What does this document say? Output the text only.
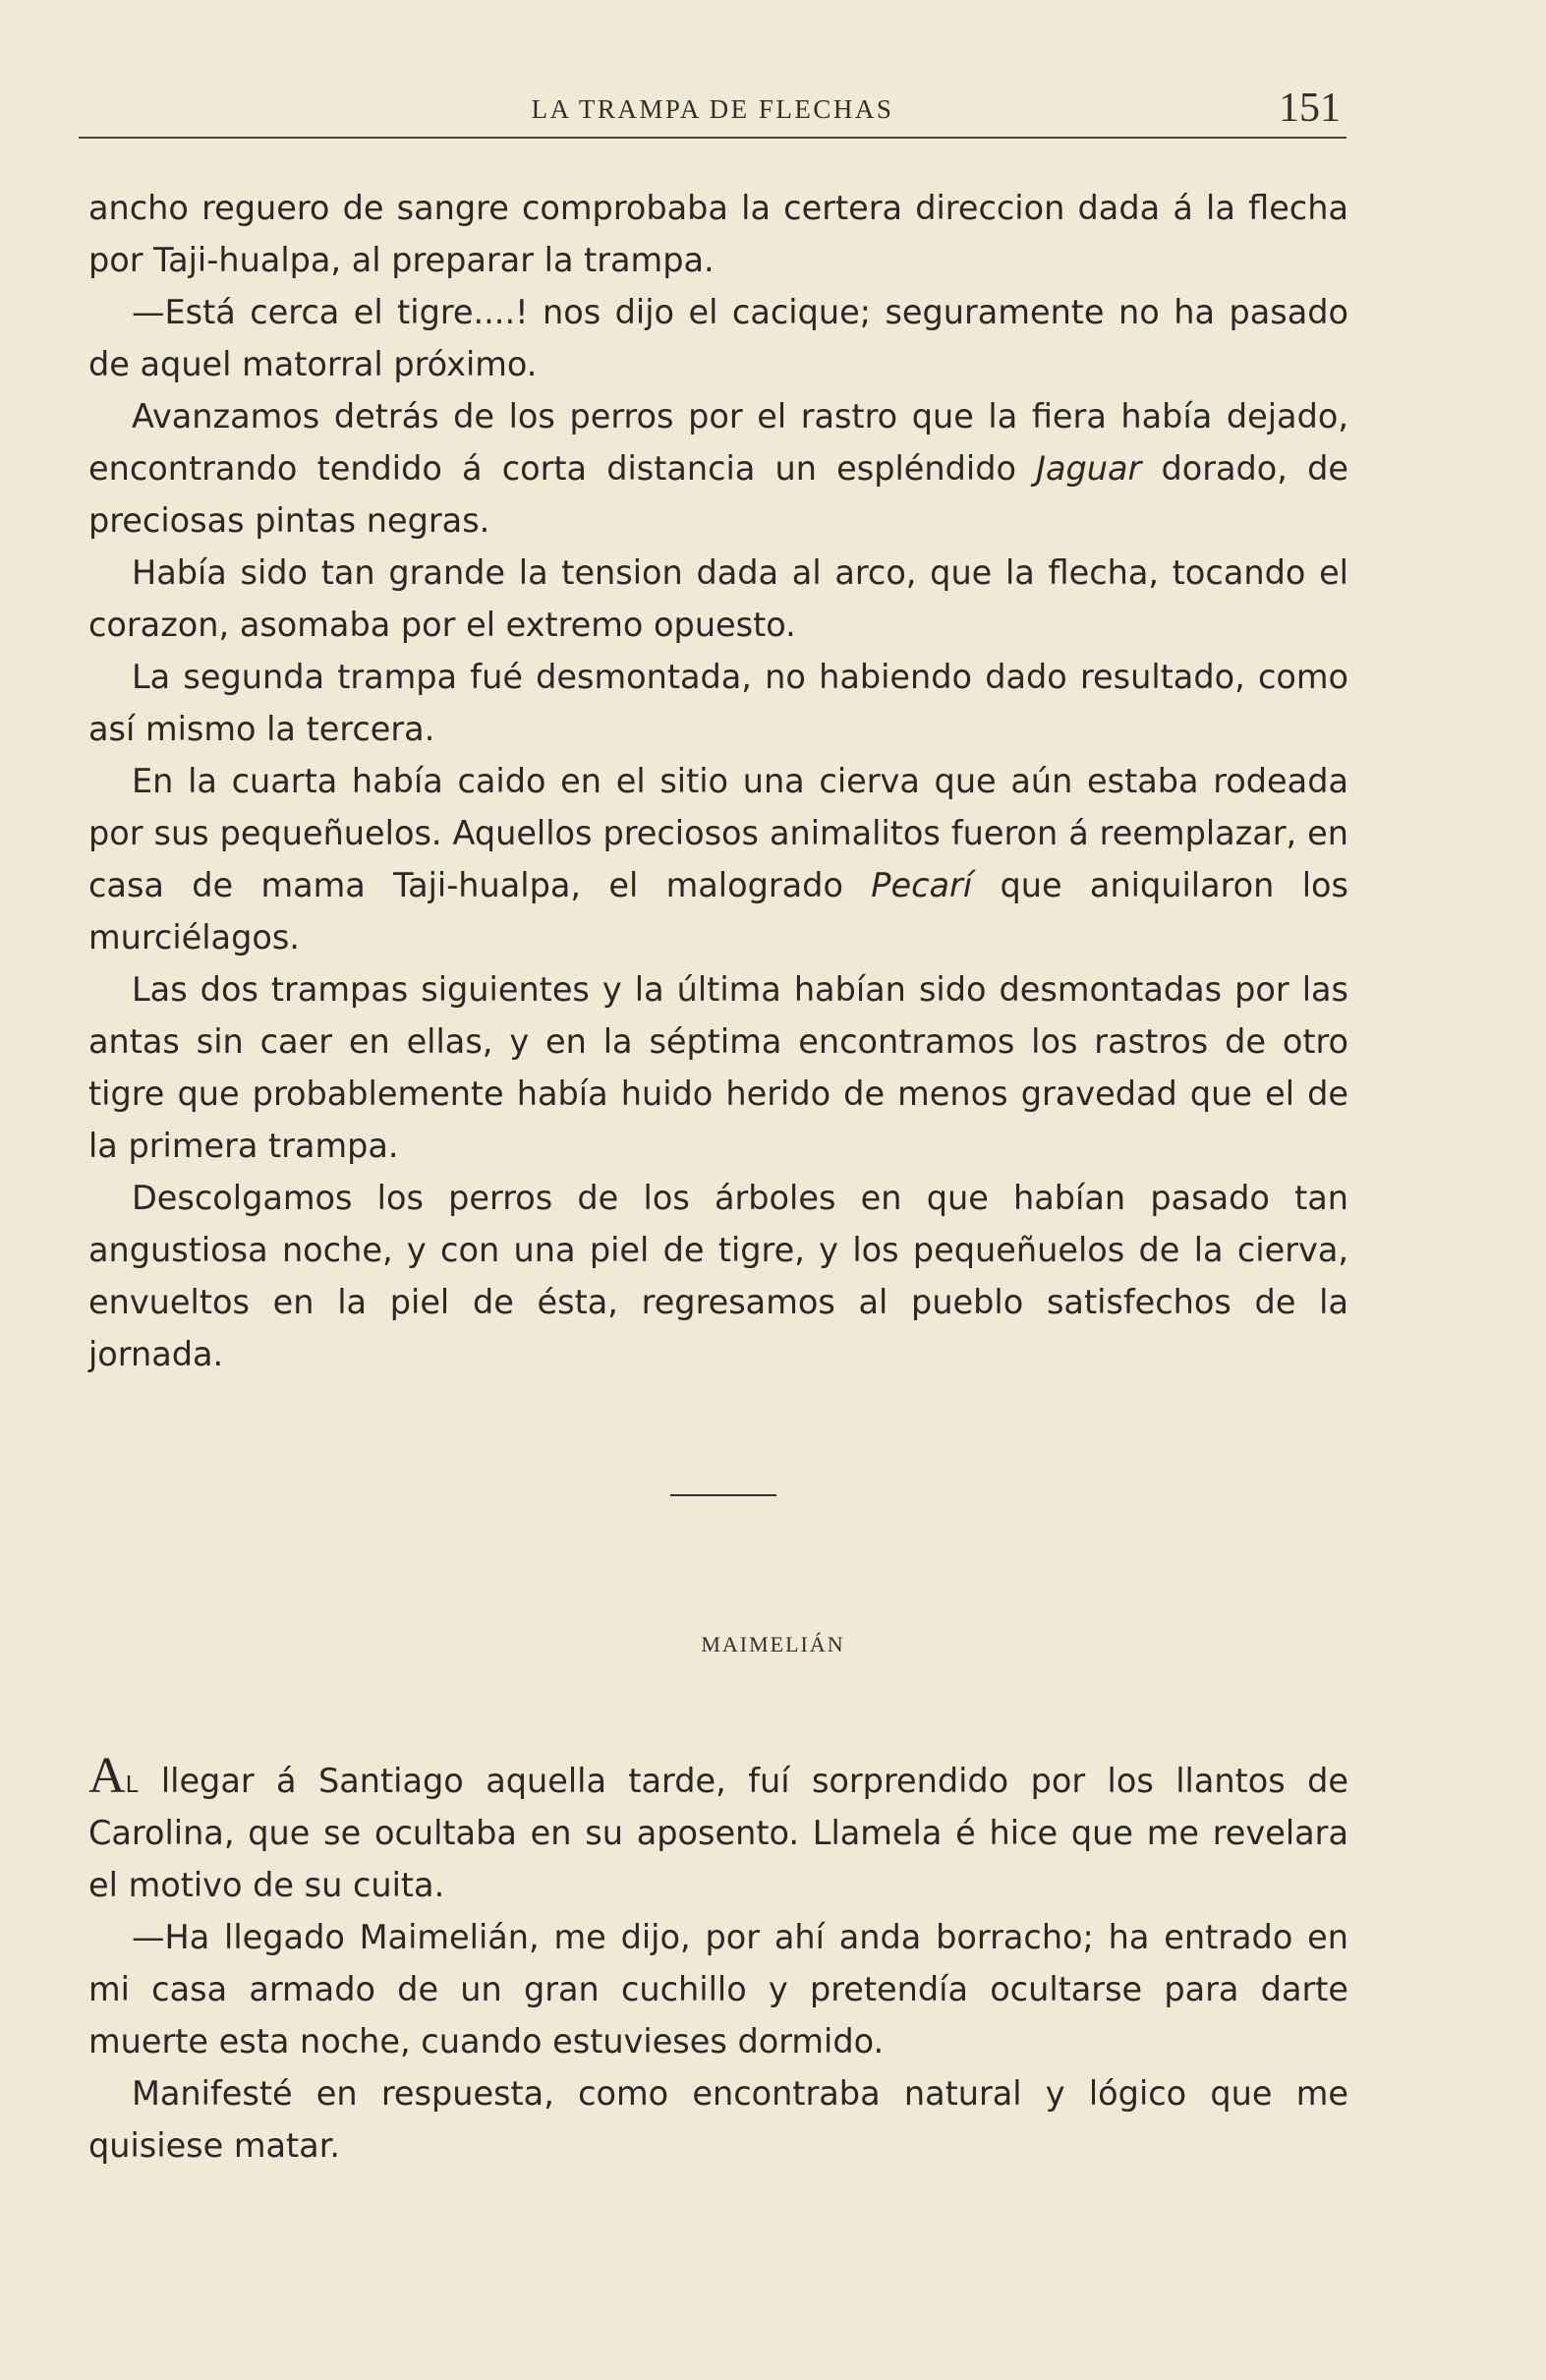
LA TRAMPA DE FLECHAS	151

ancho reguero de sangre comprobaba la certera direccion dada á la flecha por Taji-hualpa, al preparar la trampa.

—Está cerca el tigre....! nos dijo el cacique; seguramente no ha pasado de aquel matorral próximo.

Avanzamos detrás de los perros por el rastro que la fiera había dejado, encontrando tendido á corta distancia un espléndido Jaguar dorado, de preciosas pintas negras.

Había sido tan grande la tension dada al arco, que la flecha, tocando el corazon, asomaba por el extremo opuesto.

La segunda trampa fué desmontada, no habiendo dado resultado, como así mismo la tercera.

En la cuarta había caido en el sitio una cierva que aún estaba rodeada por sus pequeñuelos. Aquellos preciosos animalitos fueron á reemplazar, en casa de mama Taji-hualpa, el malogrado Pecarí que aniquilaron los murciélagos.

Las dos trampas siguientes y la última habían sido desmontadas por las antas sin caer en ellas, y en la séptima encontramos los rastros de otro tigre que probablemente había huido herido de menos gravedad que el de la primera trampa.

Descolgamos los perros de los árboles en que habían pasado tan angustiosa noche, y con una piel de tigre, y los pequeñuelos de la cierva, envueltos en la piel de ésta, regresamos al pueblo satisfechos de la jornada.

MAIMELIÁN

Al llegar á Santiago aquella tarde, fuí sorprendido por los llantos de Carolina, que se ocultaba en su aposento. Llamela é hice que me revelara el motivo de su cuita.

—Ha llegado Maimelián, me dijo, por ahí anda borracho; ha entrado en mi casa armado de un gran cuchillo y pretendía ocultarse para darte muerte esta noche, cuando estuvieses dormido.

Manifesté en respuesta, como encontraba natural y lógico que me quisiese matar.
